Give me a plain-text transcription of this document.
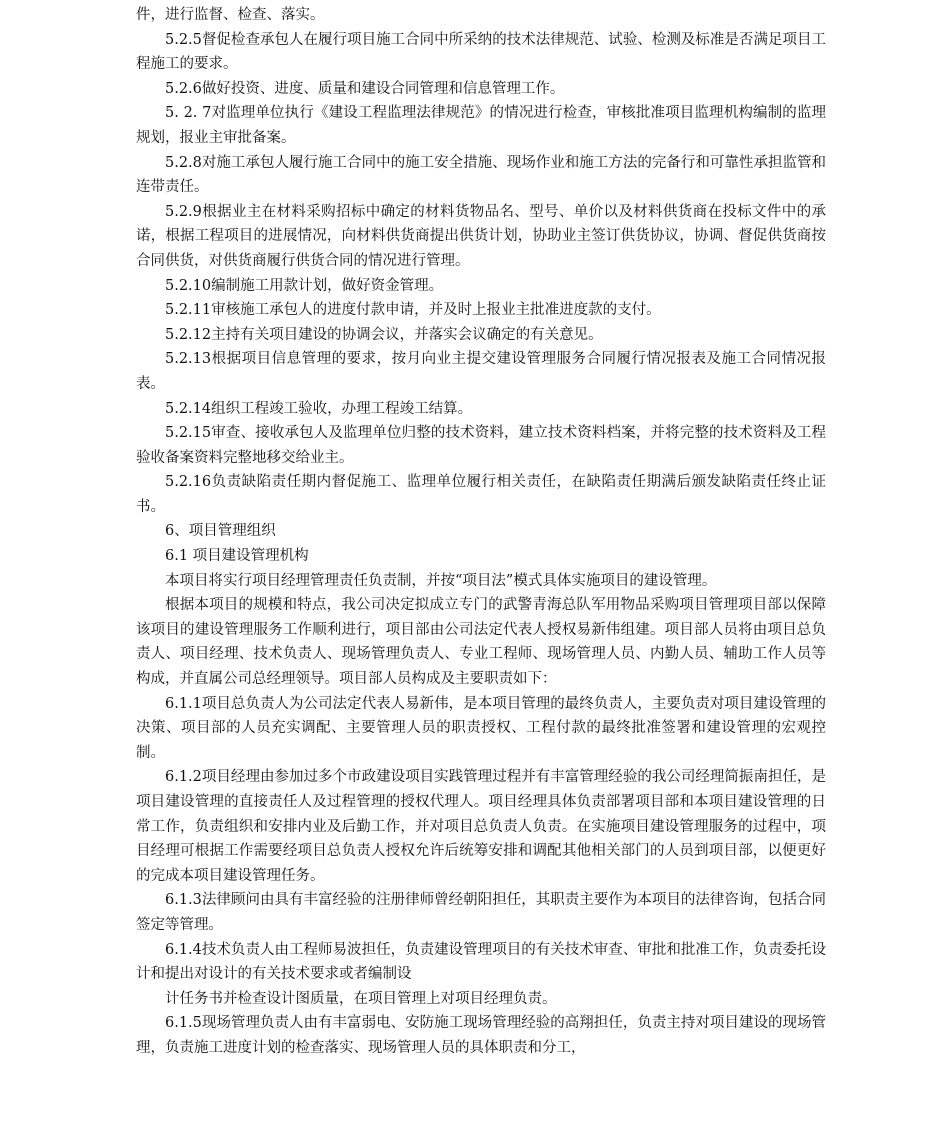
件，进行监督、检查、落实。

5.2.5督促检查承包人在履行项目施工合同中所采纳的技术法律规范、试验、检测及标准是否满足项目工程施工的要求。

5.2.6做好投资、进度、质量和建设合同管理和信息管理工作。

5. 2. 7对监理单位执行《建设工程监理法律规范》的情况进行检查，审核批准项目监理机构编制的监理规划，报业主审批备案。

5.2.8对施工承包人履行施工合同中的施工安全措施、现场作业和施工方法的完备行和可靠性承担监管和连带责任。

5.2.9根据业主在材料采购招标中确定的材料货物品名、型号、单价以及材料供货商在投标文件中的承诺，根据工程项目的进展情况，向材料供货商提出供货计划，协助业主签订供货协议，协调、督促供货商按合同供货，对供货商履行供货合同的情况进行管理。

5.2.10编制施工用款计划，做好资金管理。

5.2.11审核施工承包人的进度付款申请，并及时上报业主批准进度款的支付。

5.2.12主持有关项目建设的协调会议，并落实会议确定的有关意见。

5.2.13根据项目信息管理的要求，按月向业主提交建设管理服务合同履行情况报表及施工合同情况报表。

5.2.14组织工程竣工验收，办理工程竣工结算。

5.2.15审查、接收承包人及监理单位归整的技术资料，建立技术资料档案，并将完整的技术资料及工程验收备案资料完整地移交给业主。

5.2.16负责缺陷责任期内督促施工、监理单位履行相关责任，在缺陷责任期满后颁发缺陷责任终止证书。

6、项目管理组织

6.1 项目建设管理机构

本项目将实行项目经理管理责任负责制，并按“项目法”模式具体实施项目的建设管理。

根据本项目的规模和特点，我公司决定拟成立专门的武警青海总队军用物品采购项目管理项目部以保障该项目的建设管理服务工作顺利进行，项目部由公司法定代表人授权易新伟组建。项目部人员将由项目总负责人、项目经理、技术负责人、现场管理负责人、专业工程师、现场管理人员、内勤人员、辅助工作人员等构成，并直属公司总经理领导。项目部人员构成及主要职责如下：

6.1.1项目总负责人为公司法定代表人易新伟，是本项目管理的最终负责人，主要负责对项目建设管理的决策、项目部的人员充实调配、主要管理人员的职责授权、工程付款的最终批准签署和建设管理的宏观控制。

6.1.2项目经理由参加过多个市政建设项目实践管理过程并有丰富管理经验的我公司经理简振南担任，是项目建设管理的直接责任人及过程管理的授权代理人。项目经理具体负责部署项目部和本项目建设管理的日常工作，负责组织和安排内业及后勤工作，并对项目总负责人负责。在实施项目建设管理服务的过程中，项目经理可根据工作需要经项目总负责人授权允许后统筹安排和调配其他相关部门的人员到项目部，以便更好的完成本项目建设管理任务。

6.1.3法律顾问由具有丰富经验的注册律师曾经朝阳担任，其职责主要作为本项目的法律咨询，包括合同签定等管理。

6.1.4技术负责人由工程师易波担任，负责建设管理项目的有关技术审查、审批和批准工作，负责委托设计和提出对设计的有关技术要求或者编制设

计任务书并检查设计图质量，在项目管理上对项目经理负责。

6.1.5现场管理负责人由有丰富弱电、安防施工现场管理经验的高翔担任，负责主持对项目建设的现场管理，负责施工进度计划的检查落实、现场管理人员的具体职责和分工，
